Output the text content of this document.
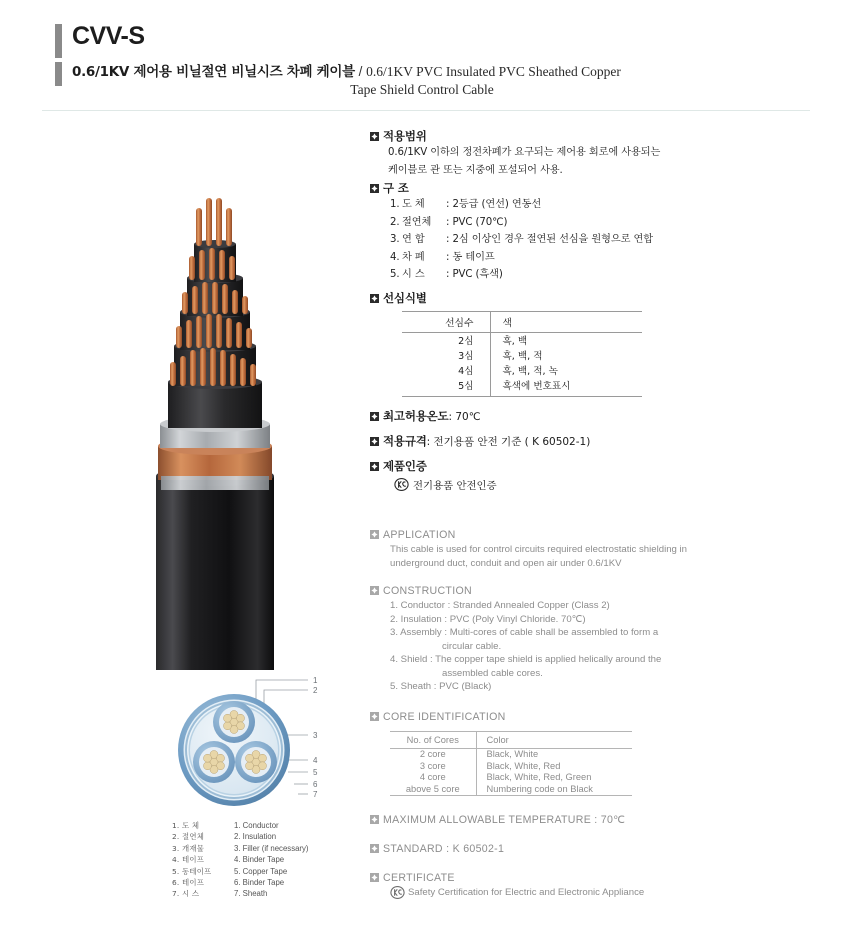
CVV-S
0.6/1KV 제어용 비닐절연 비닐시즈 차폐 케이블 / 0.6/1KV PVC Insulated PVC Sheathed Copper
Tape Shield Control Cable
1
2
3
4
5
6
7
1. 도 체	1. Conductor
2. 절연체	2. Insulation
3. 개재물	3. Filler (if necessary)
4. 테이프	4. Binder Tape
5. 동테이프	5. Copper Tape
6. 테이프	6. Binder Tape
7. 시 스	7. Sheath
적용범위
0.6/1KV 이하의 정전차폐가 요구되는 제어용 회로에 사용되는
케이블로 관 또는 지중에 포설되어 사용.
구 조
1. 도 체 : 2등급 (연선) 연동선
2. 절연체 : PVC (70℃)
3. 연 합 : 2심 이상인 경우 절연된 선심을 원형으로 연합
4. 차 폐 : 동 테이프
5. 시 스 : PVC (흑색)
선심식별
선심수	색
2심	흑, 백
3심	흑, 백, 적
4심	흑, 백, 적, 녹
5심	흑색에 번호표시

최고허용온도: 70℃
적용규격: 전기용품 안전 기준 ( K 60502-1)
제품인증
전기용품 안전인증
APPLICATION
This cable is used for control circuits required electrostatic shielding in
underground duct, conduit and open air under 0.6/1KV
CONSTRUCTION
1. Conductor : Stranded Annealed Copper (Class 2)
2. Insulation : PVC (Poly Vinyl Chloride. 70℃)
3. Assembly : Multi-cores of cable shall be assembled to form a
circular cable.
4. Shield : The copper tape shield is applied helically around the
assembled cable cores.
5. Sheath : PVC (Black)
CORE IDENTIFICATION
No. of Cores	Color
2 core	Black, White
3 core	Black, White, Red
4 core	Black, White, Red, Green
above 5 core	Numbering code on Black

MAXIMUM ALLOWABLE TEMPERATURE : 70℃
STANDARD : K 60502-1
CERTIFICATE
Safety Certification for Electric and Electronic Appliance
